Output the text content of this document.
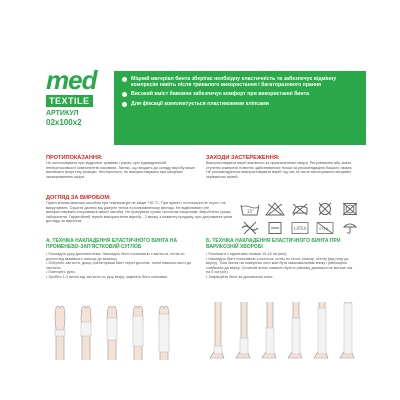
med
TEXTILE
АРТИКУЛ
02x100x2
Міцний матеріал бинта зберігає необхідну еластичність та забезпечує відмінну компресію навіть після тривалого використання і багаторазового прання
Високий вміст бавовни забезпечує комфорт при використанні бинта
Для фіксації комплектується пластиковими кліпсами
ПРОТИПОКАЗАННЯ:
Не застосовувати при відкритих травмах і ранах, при індивідуальній непереносимості компонентів сировини. Латекс, що входить до складу виробу може викликати алергічну реакцію. Нестерильно, не використовувати при місцевих захворюваннях шкіри.
ЗАХОДИ ЗАСТЕРЕЖЕННЯ:
Використовувати виріб виключно за призначенням лікаря. Регулювання або зміна ступеню компресії повинно здійснюватися тільки за рекомендацією Вашого лікаря. Не рекомендується використовувати виріб під час та після застосування місцевих зігріваючих мазей.
ДОГЛЯД ЗА ВИРОБОМ:
Прати м'яким миючим засобом при температурі не вище +35 °С. При пранні і полосканні не терти і не викручувати. Сушити далеко від джерел тепла в розправленому вигляді. Не відбілювати (не використовувати хлоровмісні миючі засоби). Не прасувати сухим і вологим чищенням. Вироблено сушка заборонена. Гарантійний термін використання виробу - 2 місяці з моменту продажу, при дотриманні умов догляду за виробом.
35°
LATEX	STER
А. ТЕХНІКА НАКЛАДЕННЯ ЕЛАСТИЧНОГО БИНТА НА ПРОМЕНЕВО-ЗАП'ЯСТКОВИЙ СУГЛОБ
• Покладіть руку долонею вниз. Накладіть бинт починаючи з зап'ястя, потім по долоні від вказівного пальця до мізинця.
• Оберніть зап'ястя, дещо розтягнувши бинт через долоню, потім навколо кисті до зап'ястя.
• Повторіть рухи.
• Зробіть 1-2 витки від зап'ястя по руці вгору, закріпіть бинт кліпсами.
Б. ТЕХНІКА НАКЛАДЕННЯ ЕЛАСТИЧНОГО БИНТА ПРИ ВАРИКОЗНІЙ ХВОРОБІ
• Полежати з піднятими ногами 10-15 хв (min).
• Накладіть бинт починаючи з кісточок, потім по стопі, гомілці, стегну (від низу до верху). Тиск бинта на поверхню ноги має бути максимальним знизу і рівномірно слабшати до верху. Останній виток повинен бути в рівному діапазоні не менше ніж на 5 см (cm).
• Зафіксуйте бинт за допомогою кліпс.
